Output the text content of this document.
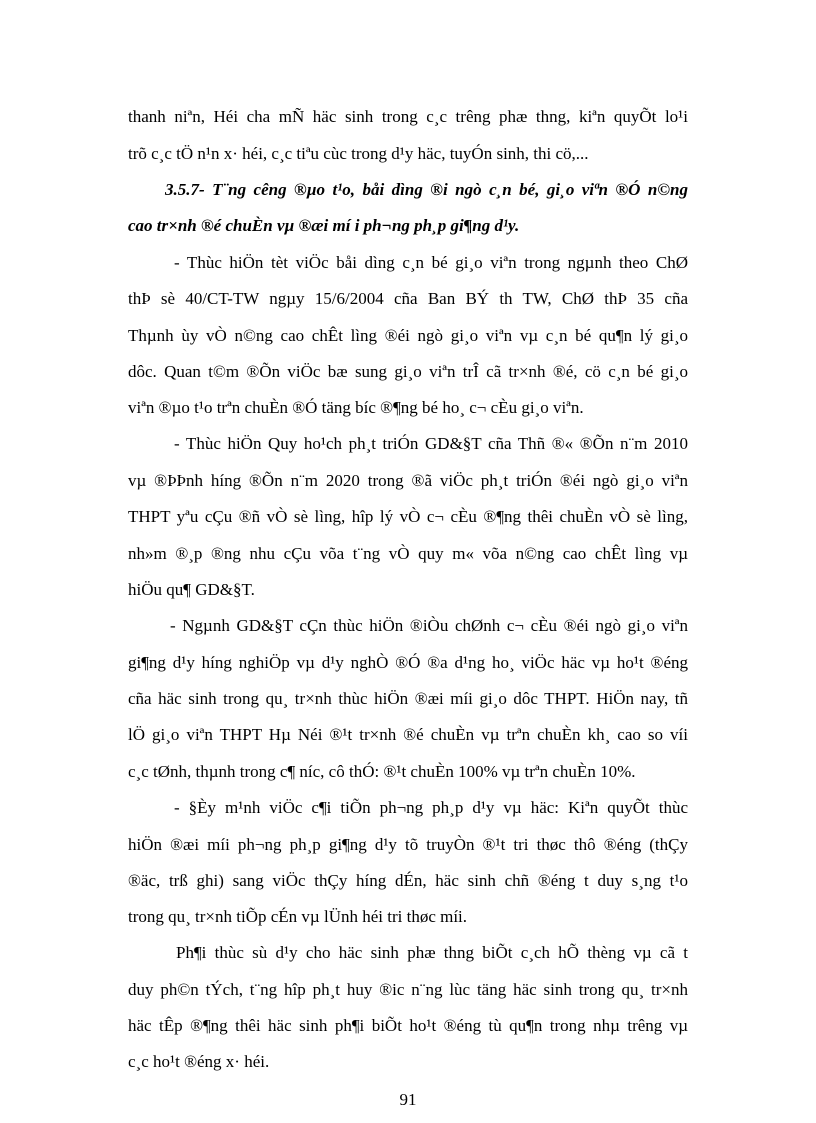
thanh niªn, Héi cha mÑ häc sinh trong c¸c trêng phæ thng, kiªn quyÕt lo¹i
trõ c¸c tÖ n¹n x· héi, c¸c tiªu cùc trong d¹y häc, tuyÓn sinh, thi cö,...
3.5.7- T¨ng cêng ®µo t¹o, båi dìng ®i ngò c¸n bé, gi¸o viªn ®Ó n©ng
cao tr×nh ®é chuÈn vµ ®æi mí i ph¬ng ph¸p gi¶ng d¹y.
- Thùc hiÖn tèt viÖc båi dìng c¸n bé gi¸o viªn trong ngµnh theo ChØ
thÞ sè 40/CT-TW ngµy 15/6/2004 cña Ban BÝ th TW, ChØ thÞ 35 cña
Thµnh ùy vÒ n©ng cao chÊt lìng ®éi ngò gi¸o viªn vµ c¸n bé qu¶n lý gi¸o
dôc. Quan t©m ®Õn viÖc bæ sung gi¸o viªn trÎ cã tr×nh ®é, cö c¸n bé gi¸o
viªn ®µo t¹o trªn chuÈn ®Ó täng bíc ®¶ng bé ho¸ c¬ cÈu gi¸o viªn.
- Thùc hiÖn Quy ho¹ch ph¸t triÓn GD&§T cña Thñ ®« ®Õn n¨m 2010
vµ ®ÞÞnh híng ®Õn n¨m 2020 trong ®ã viÖc ph¸t triÓn ®éi ngò gi¸o viªn
THPT yªu cÇu ®ñ vÒ sè lìng, hîp lý vÒ c¬ cÈu ®¶ng thêi chuÈn vÒ sè lìng,
nh»m ®¸p ®ng nhu cÇu võa t¨ng vÒ quy m« võa n©ng cao chÊt lìng vµ
hiÖu qu¶ GD&§T.
- Ngµnh GD&§T cÇn thùc hiÖn ®iÒu chØnh c¬ cÈu ®éi ngò gi¸o viªn
gi¶ng d¹y híng nghiÖp vµ d¹y nghÒ ®Ó ®a d¹ng ho¸ viÖc häc vµ ho¹t ®éng
cña häc sinh trong qu¸ tr×nh thùc hiÖn ®æi míi gi¸o dôc THPT. HiÖn nay, tñ
lÖ gi¸o viªn THPT Hµ Néi ®¹t tr×nh ®é chuÈn vµ trªn chuÈn kh¸ cao so víi
c¸c tØnh, thµnh trong c¶ níc, cô thÓ: ®¹t chuÈn 100% vµ trªn chuÈn 10%.
- §Èy m¹nh viÖc c¶i tiÕn ph¬ng ph¸p d¹y vµ häc: Kiªn quyÕt thùc
hiÖn ®æi míi ph¬ng ph¸p gi¶ng d¹y tõ truyÒn ®¹t tri thøc thô ®éng (thÇy
®äc, trß ghi) sang viÖc thÇy híng dÉn, häc sinh chñ ®éng t duy s¸ng t¹o
trong qu¸ tr×nh tiÕp cÉn vµ lÜnh héi tri thøc míi.
Ph¶i thùc sù d¹y cho häc sinh phæ thng biÕt c¸ch hÕ thèng vµ cã t
duy ph©n tÝch, t¨ng hîp ph¸t huy ®ic n¨ng lùc täng häc sinh trong qu¸ tr×nh
häc tÊp ®¶ng thêi häc sinh ph¶i biÕt ho¹t ®éng tù qu¶n trong nhµ trêng vµ
c¸c ho¹t ®éng x· héi.
91
